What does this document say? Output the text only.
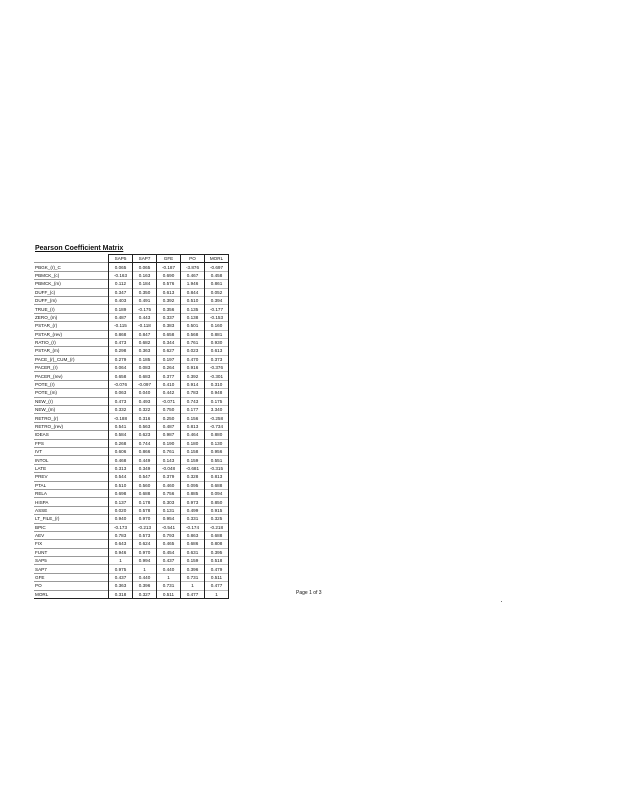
Pearson Coefficient Matrix
	SAP5	SAP7	GFE	PO	MORL
PBGK_(r)_C	0.065	0.065	-0.187	-3.876	-0.697
PBMCK_(c)	-0.163	0.163	0.690	0.467	0.458
PBMCK_(m)	0.112	0.184	0.576	1.946	0.861
DUFF_(c)	0.347	0.350	0.613	0.844	0.052
DUFF_(m)	0.403	0.491	0.392	0.510	0.394
TRUE_(r)	0.189	-0.175	0.356	0.135	-0.177
ZERO_(m)	0.487	0.443	0.337	0.138	-0.153
PSTAR_(r)	-0.115	-0.118	0.383	0.501	0.160
PSTAR_(rev)	0.868	0.847	0.658	0.568	0.881
RATIO_(r)	0.473	0.682	0.344	0.761	0.930
PSTAR_(m)	0.298	0.363	0.627	0.023	0.613
PACE_(r)_CUM_(r)	0.279	0.185	0.197	0.470	0.373
PACER_(r)	0.064	0.083	0.264	0.916	-0.376
PACER_(rev)	0.658	0.683	0.377	0.392	-0.301
POTE_(r)	-0.076	-0.097	0.410	0.914	0.310
POTE_(m)	0.063	0.040	0.442	0.783	0.948
NEW_(r)	0.473	0.493	-0.071	0.743	0.175
NEW_(m)	0.332	0.322	0.750	0.177	3.340
RETRO_(r)	-0.188	0.316	0.250	0.156	-0.258
RETRO_(rev)	0.541	0.563	0.487	0.813	-0.734
IDEAS	0.584	0.623	0.987	0.464	0.880
FPS	0.268	0.744	0.190	0.180	0.130
IVT	0.606	0.866	0.761	0.158	0.956
INTOL	0.468	0.449	0.143	0.159	0.551
LATE	0.313	0.349	-0.048	-0.681	-0.315
PREV	0.544	0.547	0.379	0.328	0.813
PTAL	0.510	0.560	0.460	0.095	0.688
RELA	0.698	0.688	0.756	0.885	0.094
HISPA	0.137	0.178	0.303	0.973	0.850
ASSE	0.020	0.578	0.131	0.499	0.915
LT_FILE_(r)	0.940	0.970	0.954	0.331	0.325
BPIC	-0.173	-0.213	-0.541	-0.174	-0.218
AEV	0.783	0.573	0.793	0.863	0.688
FIX	0.643	0.624	0.465	0.686	0.808
FUNT	0.946	0.970	0.454	0.631	0.395
SAP5	1	0.994	0.437	0.159	0.518
SAP7	0.975	1	0.440	0.396	0.479
GFE	0.437	0.440	1	0.731	0.511
PO	0.363	0.396	0.731	1	0.477
MORL	0.318	0.327	0.511	0.477	1	Page 1 of 3
